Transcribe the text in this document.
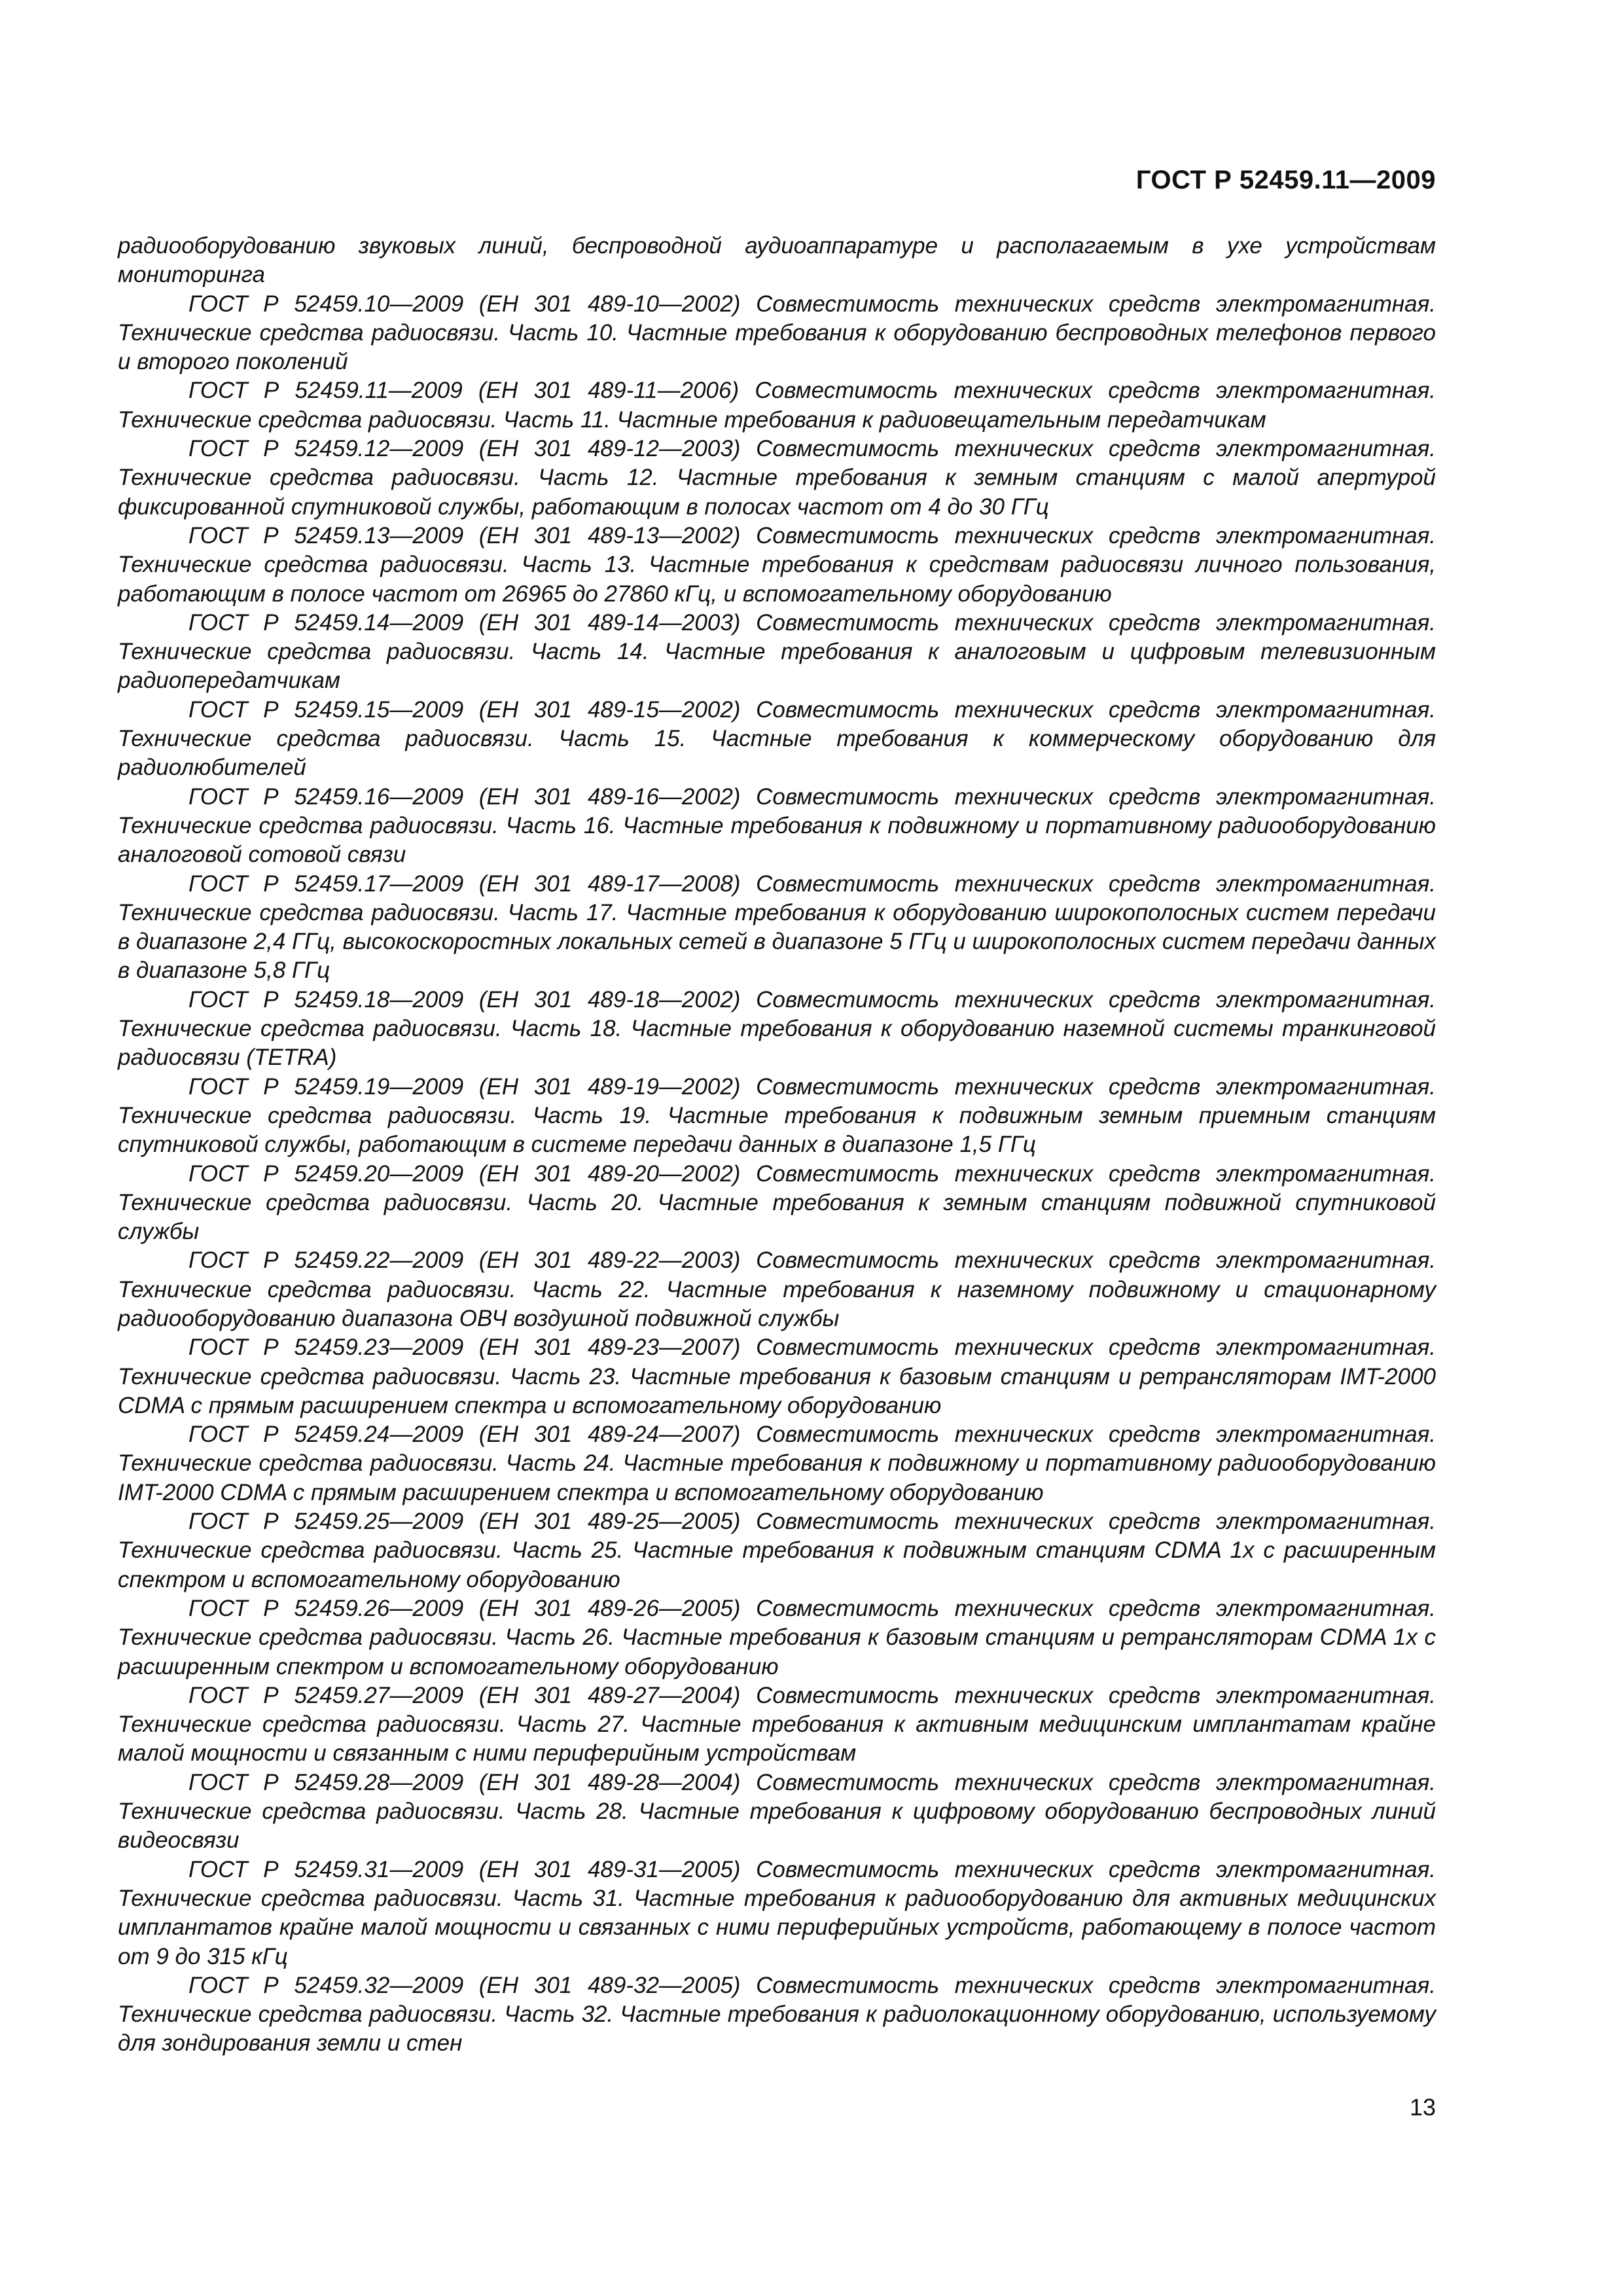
ГОСТ Р 52459.11—2009

радиооборудованию звуковых линий, беспроводной аудиоаппаратуре и располагаемым в ухе устройствам мониторинга

ГОСТ Р 52459.10—2009 (ЕН 301 489-10—2002) Совместимость технических средств электромагнитная. Технические средства радиосвязи. Часть 10. Частные требования к оборудованию беспроводных телефонов первого и второго поколений

ГОСТ Р 52459.11—2009 (ЕН 301 489-11—2006) Совместимость технических средств электромагнитная. Технические средства радиосвязи. Часть 11. Частные требования к радиовещательным передатчикам

ГОСТ Р 52459.12—2009 (ЕН 301 489-12—2003) Совместимость технических средств электромагнитная. Технические средства радиосвязи. Часть 12. Частные требования к земным станциям с малой апертурой фиксированной спутниковой службы, работающим в полосах частот от 4 до 30 ГГц

ГОСТ Р 52459.13—2009 (ЕН 301 489-13—2002) Совместимость технических средств электромагнитная. Технические средства радиосвязи. Часть 13. Частные требования к средствам радиосвязи личного пользования, работающим в полосе частот от 26965 до 27860 кГц, и вспомогательному оборудованию

ГОСТ Р 52459.14—2009 (ЕН 301 489-14—2003) Совместимость технических средств электромагнитная. Технические средства радиосвязи. Часть 14. Частные требования к аналоговым и цифровым телевизионным радиопередатчикам

ГОСТ Р 52459.15—2009 (ЕН 301 489-15—2002) Совместимость технических средств электромагнитная. Технические средства радиосвязи. Часть 15. Частные требования к коммерческому оборудованию для радиолюбителей

ГОСТ Р 52459.16—2009 (ЕН 301 489-16—2002) Совместимость технических средств электромагнитная. Технические средства радиосвязи. Часть 16. Частные требования к подвижному и портативному радиооборудованию аналоговой сотовой связи

ГОСТ Р 52459.17—2009 (ЕН 301 489-17—2008) Совместимость технических средств электромагнитная. Технические средства радиосвязи. Часть 17. Частные требования к оборудованию широкополосных систем передачи в диапазоне 2,4 ГГц, высокоскоростных локальных сетей в диапазоне 5 ГГц и широкополосных систем передачи данных в диапазоне 5,8 ГГц

ГОСТ Р 52459.18—2009 (ЕН 301 489-18—2002) Совместимость технических средств электромагнитная. Технические средства радиосвязи. Часть 18. Частные требования к оборудованию наземной системы транкинговой радиосвязи (TETRA)

ГОСТ Р 52459.19—2009 (ЕН 301 489-19—2002) Совместимость технических средств электромагнитная. Технические средства радиосвязи. Часть 19. Частные требования к подвижным земным приемным станциям спутниковой службы, работающим в системе передачи данных в диапазоне 1,5 ГГц

ГОСТ Р 52459.20—2009 (ЕН 301 489-20—2002) Совместимость технических средств электромагнитная. Технические средства радиосвязи. Часть 20. Частные требования к земным станциям подвижной спутниковой службы

ГОСТ Р 52459.22—2009 (ЕН 301 489-22—2003) Совместимость технических средств электромагнитная. Технические средства радиосвязи. Часть 22. Частные требования к наземному подвижному и стационарному радиооборудованию диапазона ОВЧ воздушной подвижной службы

ГОСТ Р 52459.23—2009 (ЕН 301 489-23—2007) Совместимость технических средств электромагнитная. Технические средства радиосвязи. Часть 23. Частные требования к базовым станциям и ретрансляторам IMT-2000 CDMA с прямым расширением спектра и вспомогательному оборудованию

ГОСТ Р 52459.24—2009 (ЕН 301 489-24—2007) Совместимость технических средств электромагнитная. Технические средства радиосвязи. Часть 24. Частные требования к подвижному и портативному радиооборудованию IMT-2000 CDMA с прямым расширением спектра и вспомогательному оборудованию

ГОСТ Р 52459.25—2009 (ЕН 301 489-25—2005) Совместимость технических средств электромагнитная. Технические средства радиосвязи. Часть 25. Частные требования к подвижным станциям CDMA 1x с расширенным спектром и вспомогательному оборудованию

ГОСТ Р 52459.26—2009 (ЕН 301 489-26—2005) Совместимость технических средств электромагнитная. Технические средства радиосвязи. Часть 26. Частные требования к базовым станциям и ретрансляторам CDMA 1x с расширенным спектром и вспомогательному оборудованию

ГОСТ Р 52459.27—2009 (ЕН 301 489-27—2004) Совместимость технических средств электромагнитная. Технические средства радиосвязи. Часть 27. Частные требования к активным медицинским имплантатам крайне малой мощности и связанным с ними периферийным устройствам

ГОСТ Р 52459.28—2009 (ЕН 301 489-28—2004) Совместимость технических средств электромагнитная. Технические средства радиосвязи. Часть 28. Частные требования к цифровому оборудованию беспроводных линий видеосвязи

ГОСТ Р 52459.31—2009 (ЕН 301 489-31—2005) Совместимость технических средств электромагнитная. Технические средства радиосвязи. Часть 31. Частные требования к радиооборудованию для активных медицинских имплантатов крайне малой мощности и связанных с ними периферийных устройств, работающему в полосе частот от 9 до 315 кГц

ГОСТ Р 52459.32—2009 (ЕН 301 489-32—2005) Совместимость технических средств электромагнитная. Технические средства радиосвязи. Часть 32. Частные требования к радиолокационному оборудованию, используемому для зондирования земли и стен

13
